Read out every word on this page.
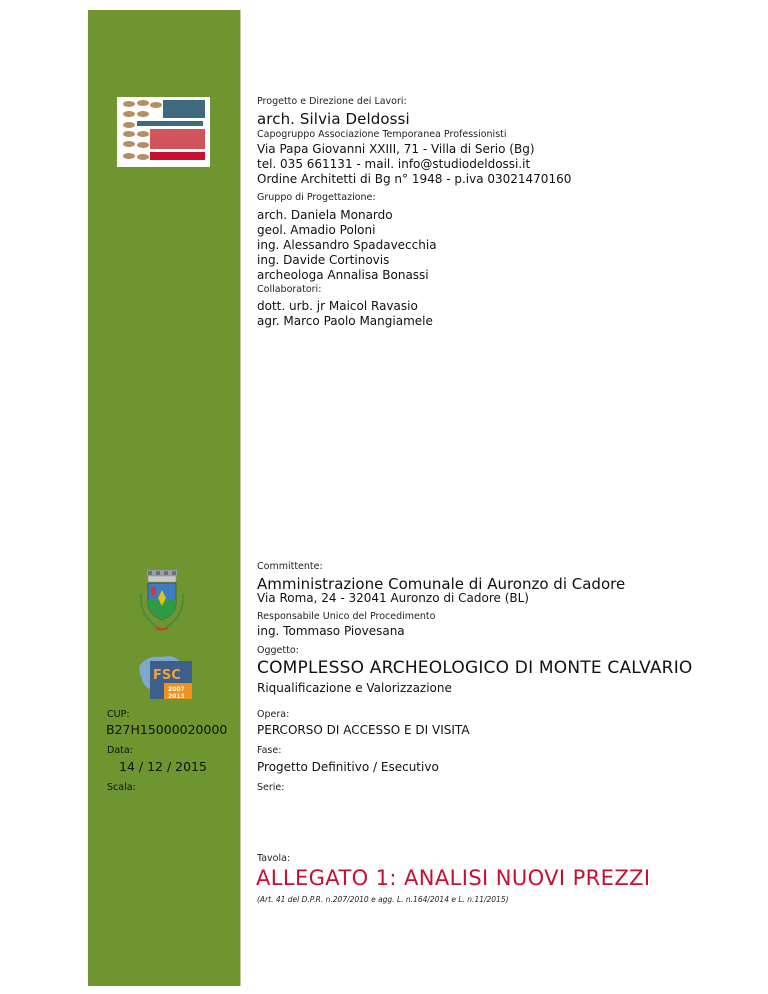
Progetto e Direzione dei Lavori:
arch. Silvia Deldossi
Capogruppo Associazione Temporanea Professionisti
Via Papa Giovanni XXIII, 71 - Villa di Serio (Bg)
tel. 035 661131 - mail. info@studiodeldossi.it
Ordine Architetti di Bg n° 1948 - p.iva 03021470160
Gruppo di Progettazione:
arch. Daniela Monardo
geol. Amadio Poloni
ing. Alessandro Spadavecchia
ing. Davide Cortinovis
archeologa Annalisa Bonassi
Collaboratori:
dott. urb. jr Maicol Ravasio
agr. Marco Paolo Mangiamele
Committente:
Amministrazione Comunale di Auronzo di Cadore
Via Roma, 24 - 32041 Auronzo di Cadore (BL)
Responsabile Unico del Procedimento
ing. Tommaso Piovesana
FSC
2007
2013
Oggetto:
COMPLESSO ARCHEOLOGICO DI MONTE CALVARIO
Riqualificazione e Valorizzazione
CUP:
B27H15000020000
Opera:
PERCORSO DI ACCESSO E DI VISITA
Data:
14 / 12 / 2015
Fase:
Progetto Definitivo / Esecutivo
Scala:	Serie:
Tavola:
ALLEGATO 1: ANALISI NUOVI PREZZI
(Art. 41 del D.P.R. n.207/2010 e agg. L. n.164/2014 e L. n.11/2015)
